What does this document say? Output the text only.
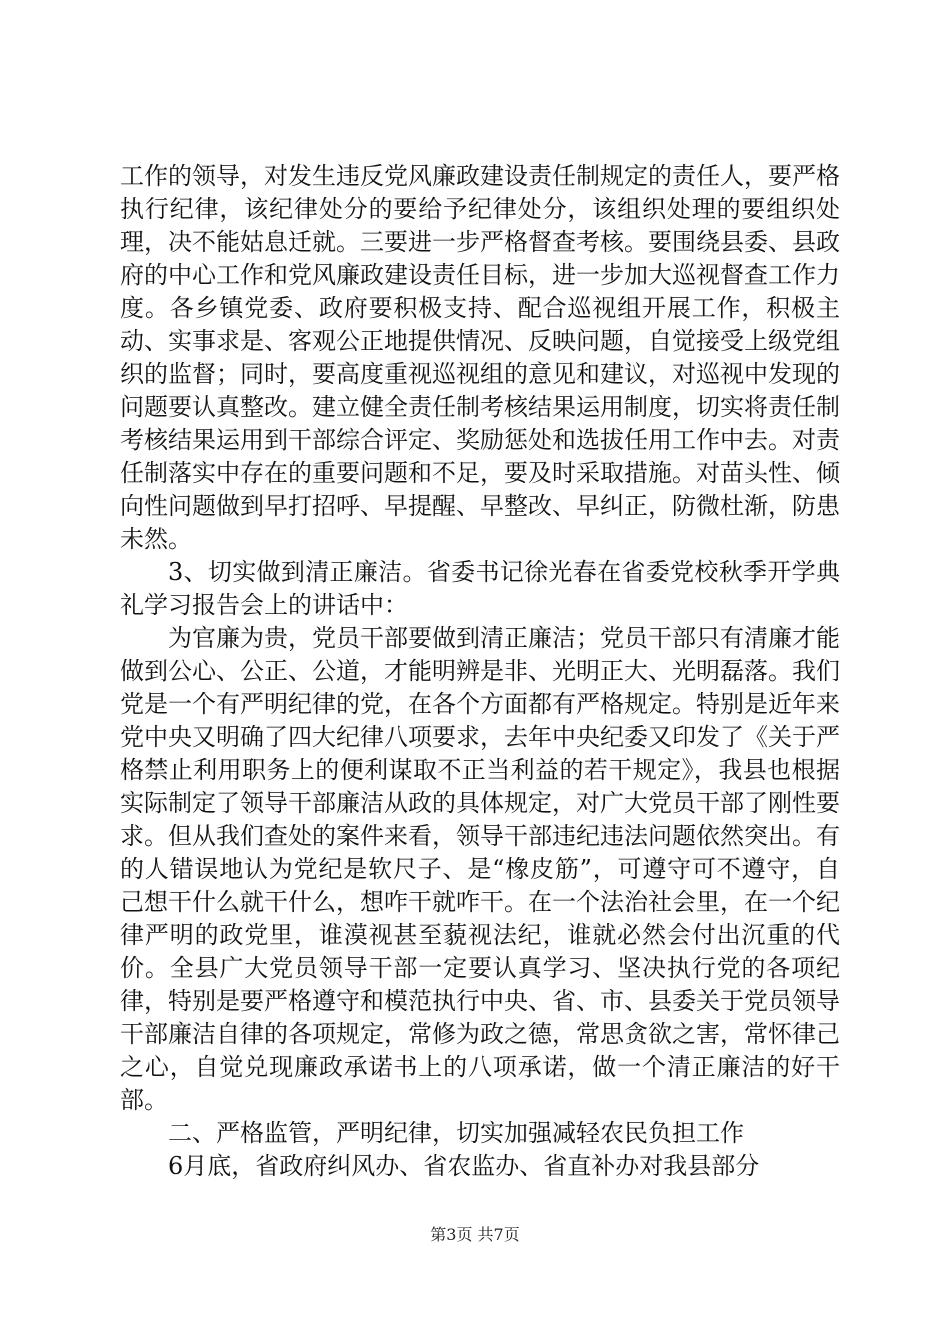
工作的领导，对发生违反党风廉政建设责任制规定的责任人，要严格执行纪律，该纪律处分的要给予纪律处分，该组织处理的要组织处理，决不能姑息迁就。三要进一步严格督查考核。要围绕县委、县政府的中心工作和党风廉政建设责任目标，进一步加大巡视督查工作力度。各乡镇党委、政府要积极支持、配合巡视组开展工作，积极主动、实事求是、客观公正地提供情况、反映问题，自觉接受上级党组织的监督；同时，要高度重视巡视组的意见和建议，对巡视中发现的问题要认真整改。建立健全责任制考核结果运用制度，切实将责任制考核结果运用到干部综合评定、奖励惩处和选拔任用工作中去。对责任制落实中存在的重要问题和不足，要及时采取措施。对苗头性、倾向性问题做到早打招呼、早提醒、早整改、早纠正，防微杜渐，防患未然。

3、切实做到清正廉洁。省委书记徐光春在省委党校秋季开学典礼学习报告会上的讲话中：

为官廉为贵，党员干部要做到清正廉洁；党员干部只有清廉才能做到公心、公正、公道，才能明辨是非、光明正大、光明磊落。我们党是一个有严明纪律的党，在各个方面都有严格规定。特别是近年来党中央又明确了四大纪律八项要求，去年中央纪委又印发了《关于严格禁止利用职务上的便利谋取不正当利益的若干规定》，我县也根据实际制定了领导干部廉洁从政的具体规定，对广大党员干部了刚性要求。但从我们查处的案件来看，领导干部违纪违法问题依然突出。有的人错误地认为党纪是软尺子、是“橡皮筋”，可遵守可不遵守，自己想干什么就干什么，想咋干就咋干。在一个法治社会里，在一个纪律严明的政党里，谁漠视甚至藐视法纪，谁就必然会付出沉重的代价。全县广大党员领导干部一定要认真学习、坚决执行党的各项纪律，特别是要严格遵守和模范执行中央、省、市、县委关于党员领导干部廉洁自律的各项规定，常修为政之德，常思贪欲之害，常怀律己之心，自觉兑现廉政承诺书上的八项承诺，做一个清正廉洁的好干部。

二、严格监管，严明纪律，切实加强减轻农民负担工作

6月底，省政府纠风办、省农监办、省直补办对我县部分

第3页 共7页
